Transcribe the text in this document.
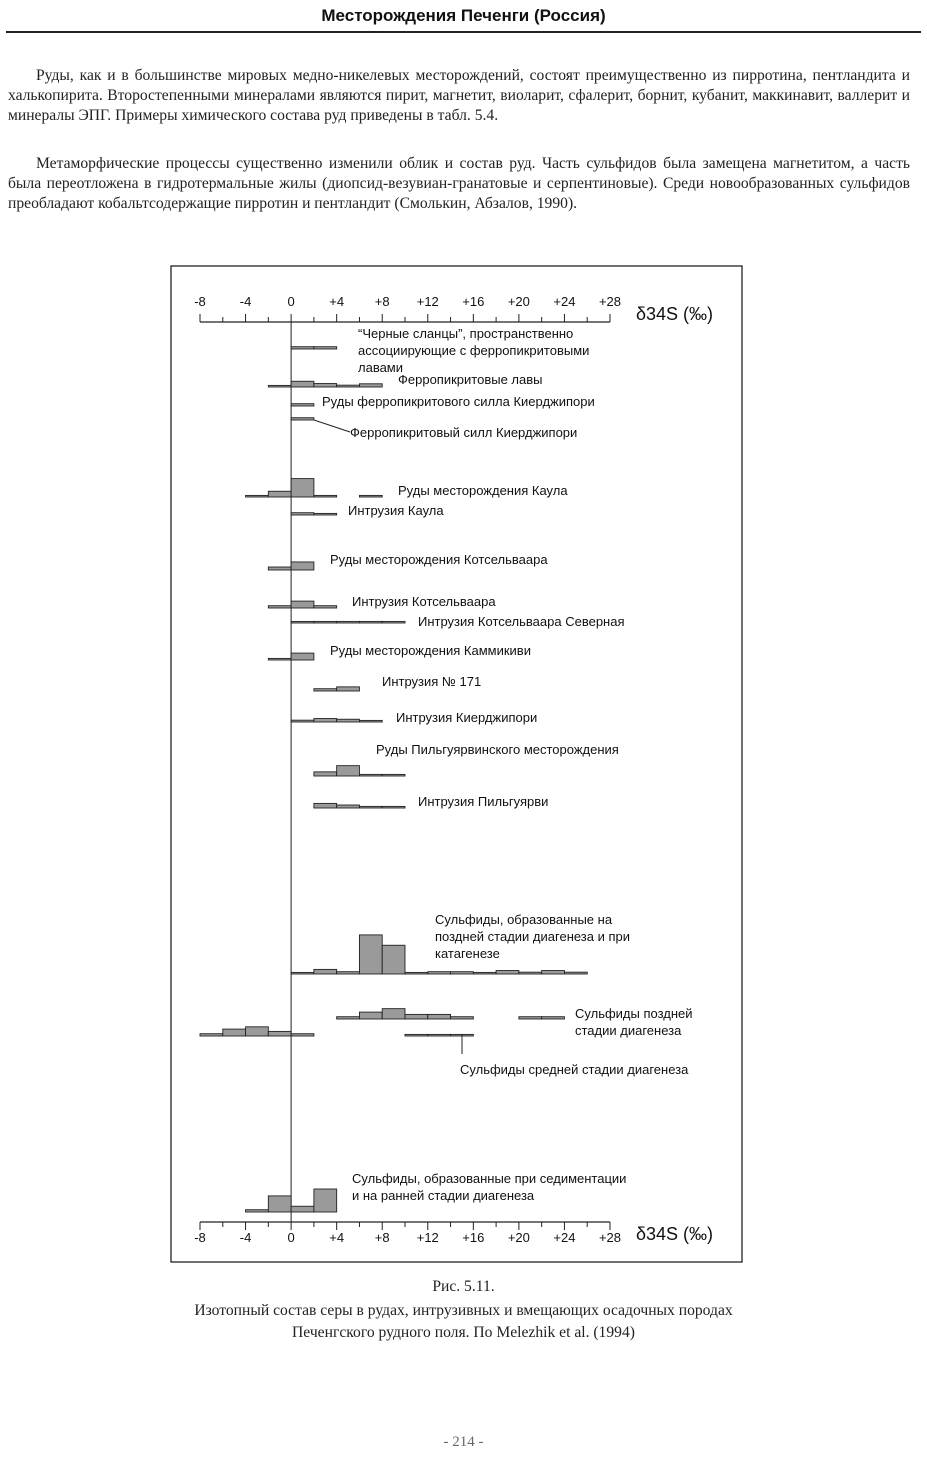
Месторождения Печенги (Россия)
Руды, как и в большинстве мировых медно-никелевых месторождений, состоят преимущественно из пирротина, пентландита и халькопирита. Второстепенными минералами являются пирит, магнетит, виоларит, сфалерит, борнит, кубанит, маккинавит, валлерит и минералы ЭПГ. Примеры химического состава руд приведены в табл. 5.4.
Метаморфические процессы существенно изменили облик и состав руд. Часть сульфидов была замещена магнетитом, а часть была переотложена в гидротермальные жилы (диопсид-везувиан-гранатовые и серпентиновые). Среди новообразованных сульфидов преобладают кобальтсодержащие пирротин и пентландит (Смолькин, Абзалов, 1990).
-8	-4	0	+4 +8 +12 +16 +20 +24 +28
δ34S (‰)
-8	-4	0	+4 +8 +12 +16 +20 +24 +28 δ34S (‰)
“Черные сланцы”, пространственно
ассоциирующие с ферропикритовыми
лавами
Ферропикритовые лавы
Руды ферропикритового силла Киерджипори
Ферропикритовый силл Киерджипори
Руды месторождения Каула
Интрузия Каула
Руды месторождения Котсельваара
Интрузия Котсельваара
Интрузия Котсельваара Северная
Руды месторождения Каммикиви
Интрузия № 171
Интрузия Киерджипори
Руды Пильгуярвинского месторождения
Интрузия Пильгуярви
Сульфиды, образованные на
поздней стадии диагенеза и при
катагенезе
Сульфиды поздней
стадии диагенеза
Сульфиды средней стадии диагенеза
Сульфиды, образованные при седиментации
и на ранней стадии диагенеза
Рис. 5.11.
Изотопный состав серы в рудах, интрузивных и вмещающих осадочных породах
Печенгского рудного поля. По Melezhik et al. (1994)
- 214 -
